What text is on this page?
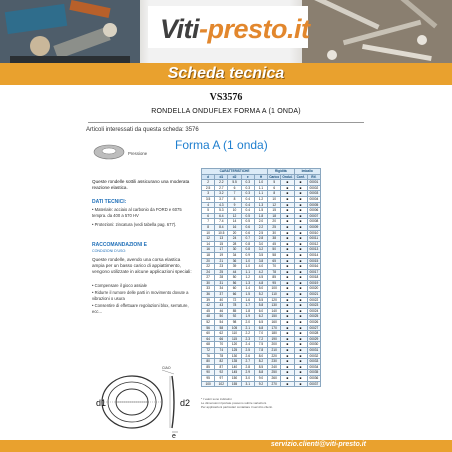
Viti-presto.it
Scheda tecnica
VS3576
RONDELLA ONDUFLEX FORMA A (1 ONDA)
Articoli interessati da questa scheda: 3576
Pressione
Forma A (1 onda)
Queste rondelle sottili assicurano una moderata reazione elastica.
DATI TECNICI:
• Materiale: acciaio al carbonio da FORD e 6075 tempra. da 400 a 570 HV
• Protezioni: zincatura (vedi tabella pag. 677).
RACCOMANDAZIONI E
CONDIZIONI D'USO:
Queste rondelle, avendo una corsa elastica ampia per un basso carico di appiattimento, vengono utilizzate in alcune applicazioni speciali:
• Compensare il gioco assiale
• Ridurre il rumore delle parti in movimento dovute a vibrazioni o usura
• Consentire di effettuare regolazioni blox, serrature, ecc...
d1	d2
e
CIAO
CARATTERISTICHE					Rigidità		Imballo	
d	d1	d2	e	H	Carico	Ondul.	Conf.	Rif.
2	2.2	5.5	0.3	1.0	5	■	■	00001
2.5	2.7	6	0.3	1.1	6	■	■	00002
3	3.2	7	0.3	1.1	8	■	■	00003
3.5	3.7	8	0.4	1.2	10	■	■	00004
4	4.3	9	0.4	1.3	12	■	■	00005
5	5.3	10	0.4	1.5	15	■	■	00006
6	6.4	12	0.5	1.8	18	■	■	00007
7	7.4	14	0.5	2.0	20	■	■	00008
8	8.4	16	0.6	2.2	25	■	■	00009
10	10.5	20	0.6	2.5	30	■	■	00010
12	13	24	0.7	2.8	38	■	■	00011
14	15	28	0.8	3.0	45	■	■	00012
16	17	30	0.8	3.2	50	■	■	00013
18	19	34	0.9	3.5	58	■	■	00014
20	21	36	1.0	3.8	65	■	■	00015
22	23	39	1.0	4.0	70	■	■	00016
24	25	44	1.1	4.2	78	■	■	00017
27	28	50	1.2	4.5	85	■	■	00018
30	31	56	1.3	4.8	95	■	■	00019
33	34	60	1.4	5.0	100	■	■	00020
36	37	66	1.5	5.2	110	■	■	00021
39	40	72	1.6	5.5	120	■	■	00022
42	43	78	1.7	5.8	130	■	■	00023
45	46	85	1.8	6.0	140	■	■	00024
48	50	92	1.9	6.2	150	■	■	00025
52	54	98	2.0	6.5	160	■	■	00026
56	58	105	2.1	6.8	170	■	■	00027
60	62	110	2.2	7.0	180	■	■	00028
64	66	115	2.3	7.2	190	■	■	00029
68	70	120	2.4	7.5	200	■	■	00030
72	74	125	2.5	7.8	210	■	■	00031
76	78	130	2.6	8.0	220	■	■	00032
80	82	135	2.7	8.2	230	■	■	00033
85	87	140	2.8	8.5	240	■	■	00034
90	92	145	2.9	8.8	250	■	■	00035
95	97	150	3.0	9.0	260	■	■	00036
100	102	155	3.1	9.2	270	■	■	00037
* I valori sono indicativi
Le dimensioni riportate possono subire variazioni.
Per applicazioni particolari contattare il servizio clienti.
servizio.clienti@viti-presto.it
